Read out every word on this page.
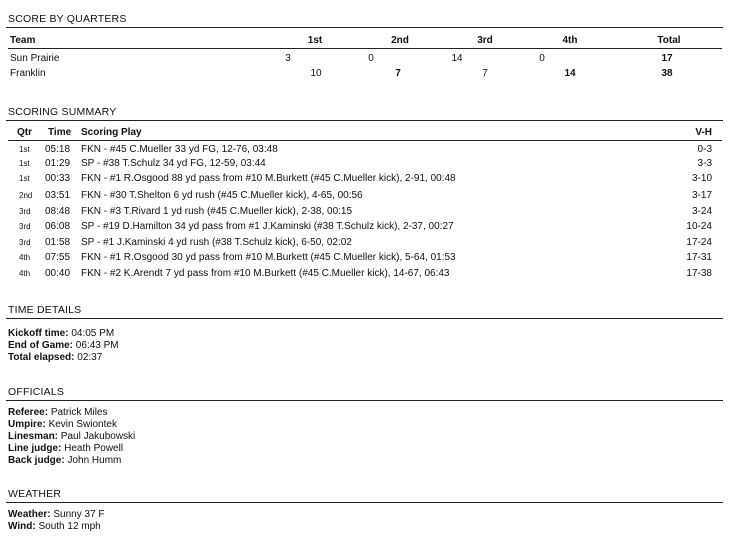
SCORE BY QUARTERS
Team	1st	2nd	3rd	4th	Total
Sun Prairie	3	0	14	0	17
Franklin	10	7	7	14	38
SCORING SUMMARY
Qtr Time Scoring Play	V-H
1st 05:18 FKN - #45 C.Mueller 33 yd FG, 12-76, 03:48	0-3
1st 01:29 SP - #38 T.Schulz 34 yd FG, 12-59, 03:44	3-3
1st 00:33 FKN - #1 R.Osgood 88 yd pass from #10 M.Burkett (#45 C.Mueller kick), 2-91, 00:48	3-10
2nd 03:51 FKN - #30 T.Shelton 6 yd rush (#45 C.Mueller kick), 4-65, 00:56	3-17
3rd 08:48 FKN - #3 T.Rivard 1 yd rush (#45 C.Mueller kick), 2-38, 00:15	3-24
3rd 06:08 SP - #19 D.Hamilton 34 yd pass from #1 J.Kaminski (#38 T.Schulz kick), 2-37, 00:27	10-24
3rd 01:58 SP - #1 J.Kaminski 4 yd rush (#38 T.Schulz kick), 6-50, 02:02	17-24
4th 07:55 FKN - #1 R.Osgood 30 yd pass from #10 M.Burkett (#45 C.Mueller kick), 5-64, 01:53	17-31
4th 00:40 FKN - #2 K.Arendt 7 yd pass from #10 M.Burkett (#45 C.Mueller kick), 14-67, 06:43	17-38
TIME DETAILS
Kickoff time: 04:05 PM
End of Game: 06:43 PM
Total elapsed: 02:37
OFFICIALS
Referee: Patrick Miles
Umpire: Kevin Swiontek
Linesman: Paul Jakubowski
Line judge: Heath Powell
Back judge: John Humm
WEATHER
Weather: Sunny 37 F
Wind: South 12 mph
